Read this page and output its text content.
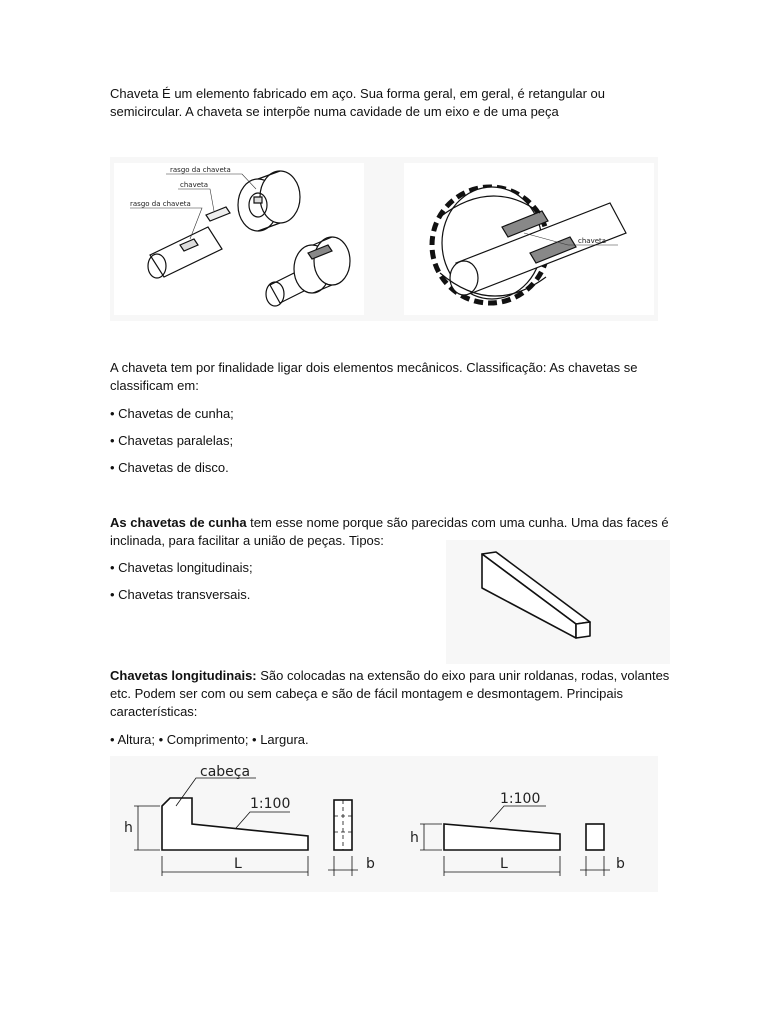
Chaveta É um elemento fabricado em aço. Sua forma geral, em geral, é retangular ou
semicircular. A chaveta se interpõe numa cavidade de um eixo e de uma peça

rasgo da chaveta
chaveta
rasgo da chaveta
chaveta

A chaveta tem por finalidade ligar dois elementos mecânicos. Classificação: As chavetas se
classificam em:

• Chavetas de cunha;

• Chavetas paralelas;

• Chavetas de disco.

As chavetas de cunha tem esse nome porque são parecidas com uma cunha. Uma das faces é
inclinada, para facilitar a união de peças. Tipos:

• Chavetas longitudinais;

• Chavetas transversais.

Chavetas longitudinais: São colocadas na extensão do eixo para unir roldanas, rodas, volantes
etc. Podem ser com ou sem cabeça e são de fácil montagem e desmontagem. Principais
características:

• Altura; • Comprimento; • Largura.

cabeça
1:100
h
L	b
1:100
h
L	b
